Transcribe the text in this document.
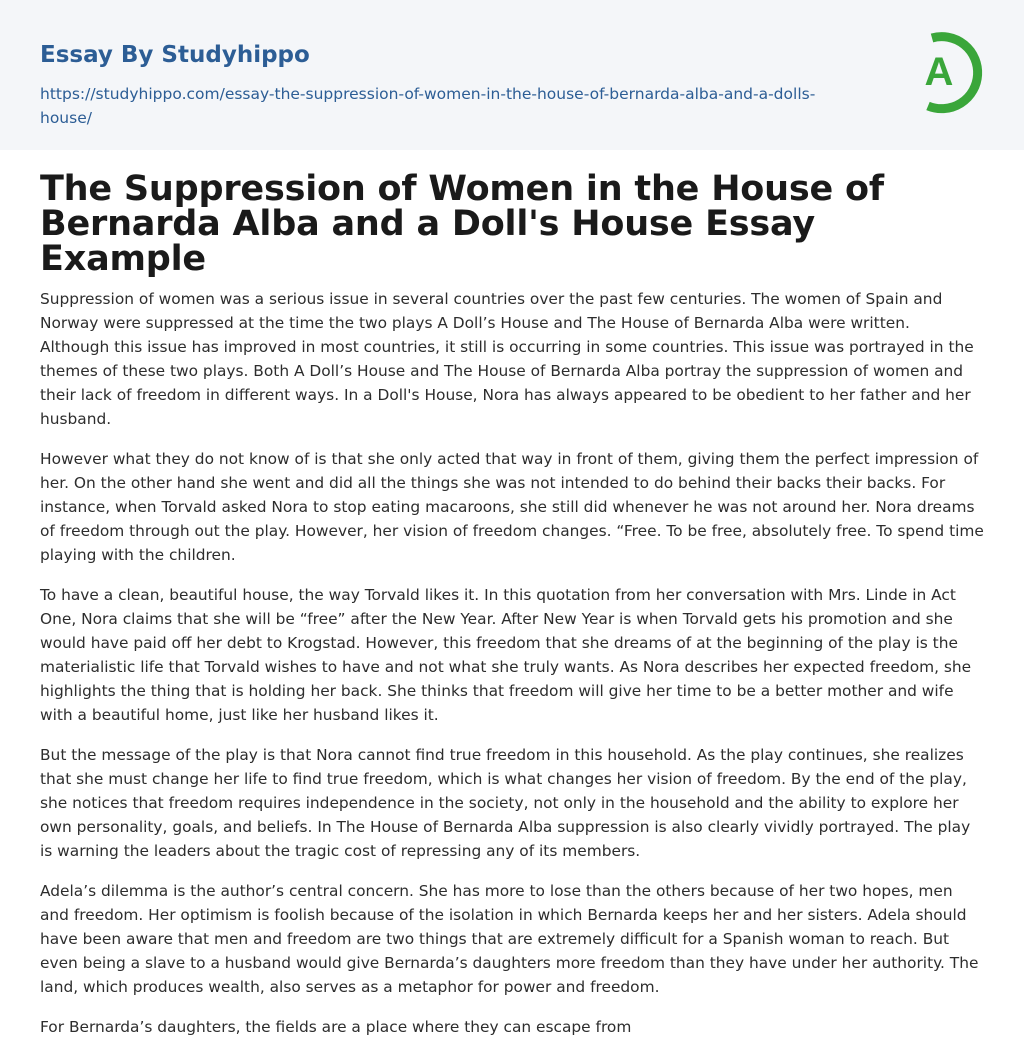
Essay By Studyhippo
https://studyhippo.com/essay-the-suppression-of-women-in-the-house-of-bernarda-alba-and-a-dolls-house/
A
The Suppression of Women in the House of Bernarda Alba and a Doll's House Essay Example

Suppression of women was a serious issue in several countries over the past few centuries. The women of Spain and Norway were suppressed at the time the two plays A Doll’s House and The House of Bernarda Alba were written. Although this issue has improved in most countries, it still is occurring in some countries. This issue was portrayed in the themes of these two plays. Both A Doll’s House and The House of Bernarda Alba portray the suppression of women and their lack of freedom in different ways. In a Doll's House, Nora has always appeared to be obedient to her father and her husband.

However what they do not know of is that she only acted that way in front of them, giving them the perfect impression of her. On the other hand she went and did all the things she was not intended to do behind their backs their backs. For instance, when Torvald asked Nora to stop eating macaroons, she still did whenever he was not around her. Nora dreams of freedom through out the play. However, her vision of freedom changes. “Free. To be free, absolutely free. To spend time playing with the children.

To have a clean, beautiful house, the way Torvald likes it. In this quotation from her conversation with Mrs. Linde in Act One, Nora claims that she will be “free” after the New Year. After New Year is when Torvald gets his promotion and she would have paid off her debt to Krogstad. However, this freedom that she dreams of at the beginning of the play is the materialistic life that Torvald wishes to have and not what she truly wants. As Nora describes her expected freedom, she highlights the thing that is holding her back. She thinks that freedom will give her time to be a better mother and wife with a beautiful home, just like her husband likes it.

But the message of the play is that Nora cannot find true freedom in this household. As the play continues, she realizes that she must change her life to find true freedom, which is what changes her vision of freedom. By the end of the play, she notices that freedom requires independence in the society, not only in the household and the ability to explore her own personality, goals, and beliefs. In The House of Bernarda Alba suppression is also clearly vividly portrayed. The play is warning the leaders about the tragic cost of repressing any of its members.

Adela’s dilemma is the author’s central concern. She has more to lose than the others because of her two hopes, men and freedom. Her optimism is foolish because of the isolation in which Bernarda keeps her and her sisters. Adela should have been aware that men and freedom are two things that are extremely difficult for a Spanish woman to reach. But even being a slave to a husband would give Bernarda’s daughters more freedom than they have under her authority. The land, which produces wealth, also serves as a metaphor for power and freedom.

For Bernarda’s daughters, the fields are a place where they can escape from
